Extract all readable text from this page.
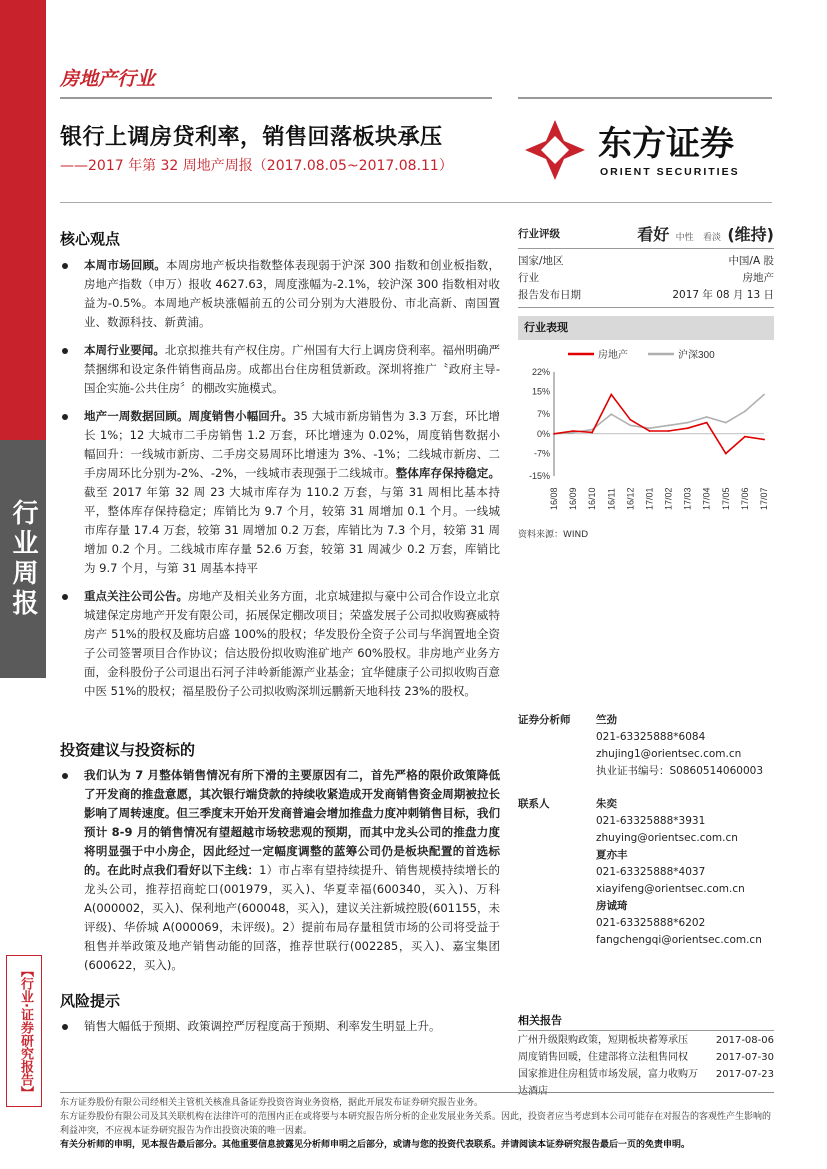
行业周报
【行业·证券研究报告】
房地产行业
银行上调房贷利率，销售回落板块承压
——2017 年第 32 周地产周报（2017.08.05~2017.08.11）
东方证券
ORIENT SECURITIES
核心观点

本周市场回顾。本周房地产板块指数整体表现弱于沪深 300 指数和创业板指数，房地产指数（申万）报收 4627.63，周度涨幅为-2.1%，较沪深 300 指数相对收益为-0.5%。本周地产板块涨幅前五的公司分别为大港股份、市北高新、南国置业、数源科技、新黄浦。

本周行业要闻。北京拟推共有产权住房。广州国有大行上调房贷利率。福州明确严禁捆绑和设定条件销售商品房。成都出台住房租赁新政。深圳将推广〝政府主导-国企实施-公共住房〞的棚改实施模式。

地产一周数据回顾。周度销售小幅回升。35 大城市新房销售为 3.3 万套，环比增长 1%；12 大城市二手房销售 1.2 万套，环比增速为 0.02%，周度销售数据小幅回升：一线城市新房、二手房交易周环比增速为 3%、-1%；二线城市新房、二手房周环比分别为-2%、-2%，一线城市表现强于二线城市。整体库存保持稳定。截至 2017 年第 32 周 23 大城市库存为 110.2 万套，与第 31 周相比基本持平，整体库存保持稳定；库销比为 9.7 个月，较第 31 周增加 0.1 个月。一线城市库存量 17.4 万套，较第 31 周增加 0.2 万套，库销比为 7.3 个月，较第 31 周增加 0.2 个月。二线城市库存量 52.6 万套，较第 31 周减少 0.2 万套，库销比为 9.7 个月，与第 31 周基本持平

重点关注公司公告。房地产及相关业务方面，北京城建拟与豪中公司合作设立北京城建保定房地产开发有限公司，拓展保定棚改项目；荣盛发展子公司拟收购赛威特房产 51%的股权及廊坊启盛 100%的股权；华发股份全资子公司与华润置地全资子公司签署项目合作协议；信达股份拟收购淮矿地产 60%股权。非房地产业务方面，金科股份子公司退出石河子沣岭新能源产业基金；宜华健康子公司拟收购百意中医 51%的股权；福星股份子公司拟收购深圳远鹏新天地科技 23%的股权。

投资建议与投资标的

我们认为 7 月整体销售情况有所下滑的主要原因有二，首先严格的限价政策降低了开发商的推盘意愿，其次银行端贷款的持续收紧造成开发商销售资金周期被拉长影响了周转速度。但三季度末开始开发商普遍会增加推盘力度冲刺销售目标，我们预计 8-9 月的销售情况有望超越市场较悲观的预期，而其中龙头公司的推盘力度将明显强于中小房企，因此经过一定幅度调整的蓝筹公司仍是板块配置的首选标的。在此时点我们看好以下主线：1）市占率有望持续提升、销售规模持续增长的龙头公司，推荐招商蛇口(001979，买入)、华夏幸福(600340，买入)、万科 A(000002，买入)、保利地产(600048，买入)，建议关注新城控股(601155，未评级)、华侨城 A(000069，未评级)。2）提前布局存量租赁市场的公司将受益于租售并举政策及地产销售动能的回落，推荐世联行(002285，买入)、嘉宝集团(600622，买入)。

风险提示

销售大幅低于预期、政策调控严厉程度高于预期、利率发生明显上升。

行业评级	看好 中性 看淡 (维持)
国家/地区	中国/A 股
行业	房地产
报告发布日期	2017 年 08 月 13 日
行业表现
房地产	沪深300
22%
15%
7%
0%
-7%
-15%
16/08 16/09 16/10 16/11 16/12 17/01 17/02 17/03 17/04 17/05 17/06 17/07
资料来源：WIND
证券分析师 竺劲
021-63325888*6084
zhujing1@orientsec.com.cn
执业证书编号：S0860514060003
联系人	朱奕
021-63325888*3931
zhuying@orientsec.com.cn
夏亦丰
021-63325888*4037
xiayifeng@orientsec.com.cn
房诚琦
021-63325888*6202
fangchengqi@orientsec.com.cn
相关报告
广州升级限购政策，短期板块蓄筹承压	2017-08-06
周度销售回暖，住建部将立法租售同权	2017-07-30
国家推进住房租赁市场发展，富力收购万	2017-07-23
东方证券股份有限公司经相关主管机关核准具备证券投资咨询业务资格，据此开展发布证券研究报告业务。
东方证券股份有限公司及其关联机构在法律许可的范围内正在或将要与本研究报告所分析的企业发展业务关系。因此，投资者应当考虑到本公司可能存在对报告的客观性产生影响的利益冲突，不应视本证券研究报告为作出投资决策的唯一因素。
有关分析师的申明，见本报告最后部分。其他重要信息披露见分析师申明之后部分，或请与您的投资代表联系。并请阅读本证券研究报告最后一页的免责申明。
